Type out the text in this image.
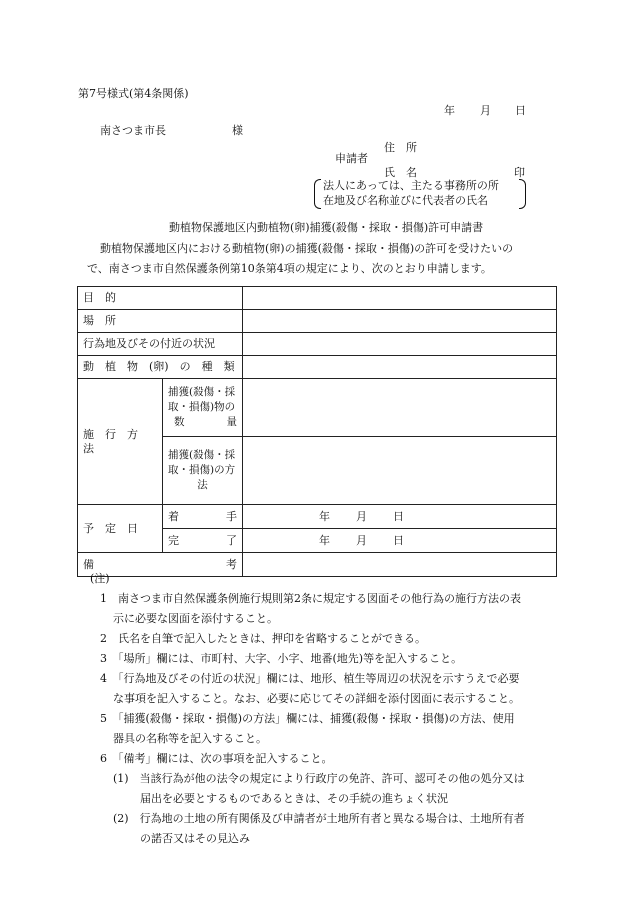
第7号様式(第4条関係)
年 月 日
南さつま市長	様
住　所
申請者
氏　名	印
法人にあっては、主たる事務所の所
在地及び名称並びに代表者の氏名
動植物保護地区内動植物(卵)捕獲(殺傷・採取・損傷)許可申請書
動植物保護地区内における動植物(卵)の捕獲(殺傷・採取・損傷)の許可を受けたいの
で、南さつま市自然保護条例第10条第4項の規定により、次のとおり申請します。
目　的		

場　所		

行為地及びその付近の状況		
動　植　物　(卵)　の　種　類		
施　行　方　法	捕獲(殺傷・採
取・損傷)物の
数 量	

	捕獲(殺傷・採
取・損傷)の方
法	

予　定　日	着 手	年 月 日

	完 了	年 月 日

備 考		

(注)
1　南さつま市自然保護条例施行規則第2条に規定する図面その他行為の施行方法の表
示に必要な図面を添付すること。
2　氏名を自筆で記入したときは、押印を省略することができる。
3　「場所」欄には、市町村、大字、小字、地番(地先)等を記入すること。
4　「行為地及びその付近の状況」欄には、地形、植生等周辺の状況を示すうえで必要
な事項を記入すること。なお、必要に応じてその詳細を添付図面に表示すること。
5　「捕獲(殺傷・採取・損傷)の方法」欄には、捕獲(殺傷・採取・損傷)の方法、使用
器具の名称等を記入すること。
6　「備考」欄には、次の事項を記入すること。
(1)　当該行為が他の法令の規定により行政庁の免許、許可、認可その他の処分又は
届出を必要とするものであるときは、その手続の進ちょく状況
(2)　行為地の土地の所有関係及び申請者が土地所有者と異なる場合は、土地所有者
の諾否又はその見込み
